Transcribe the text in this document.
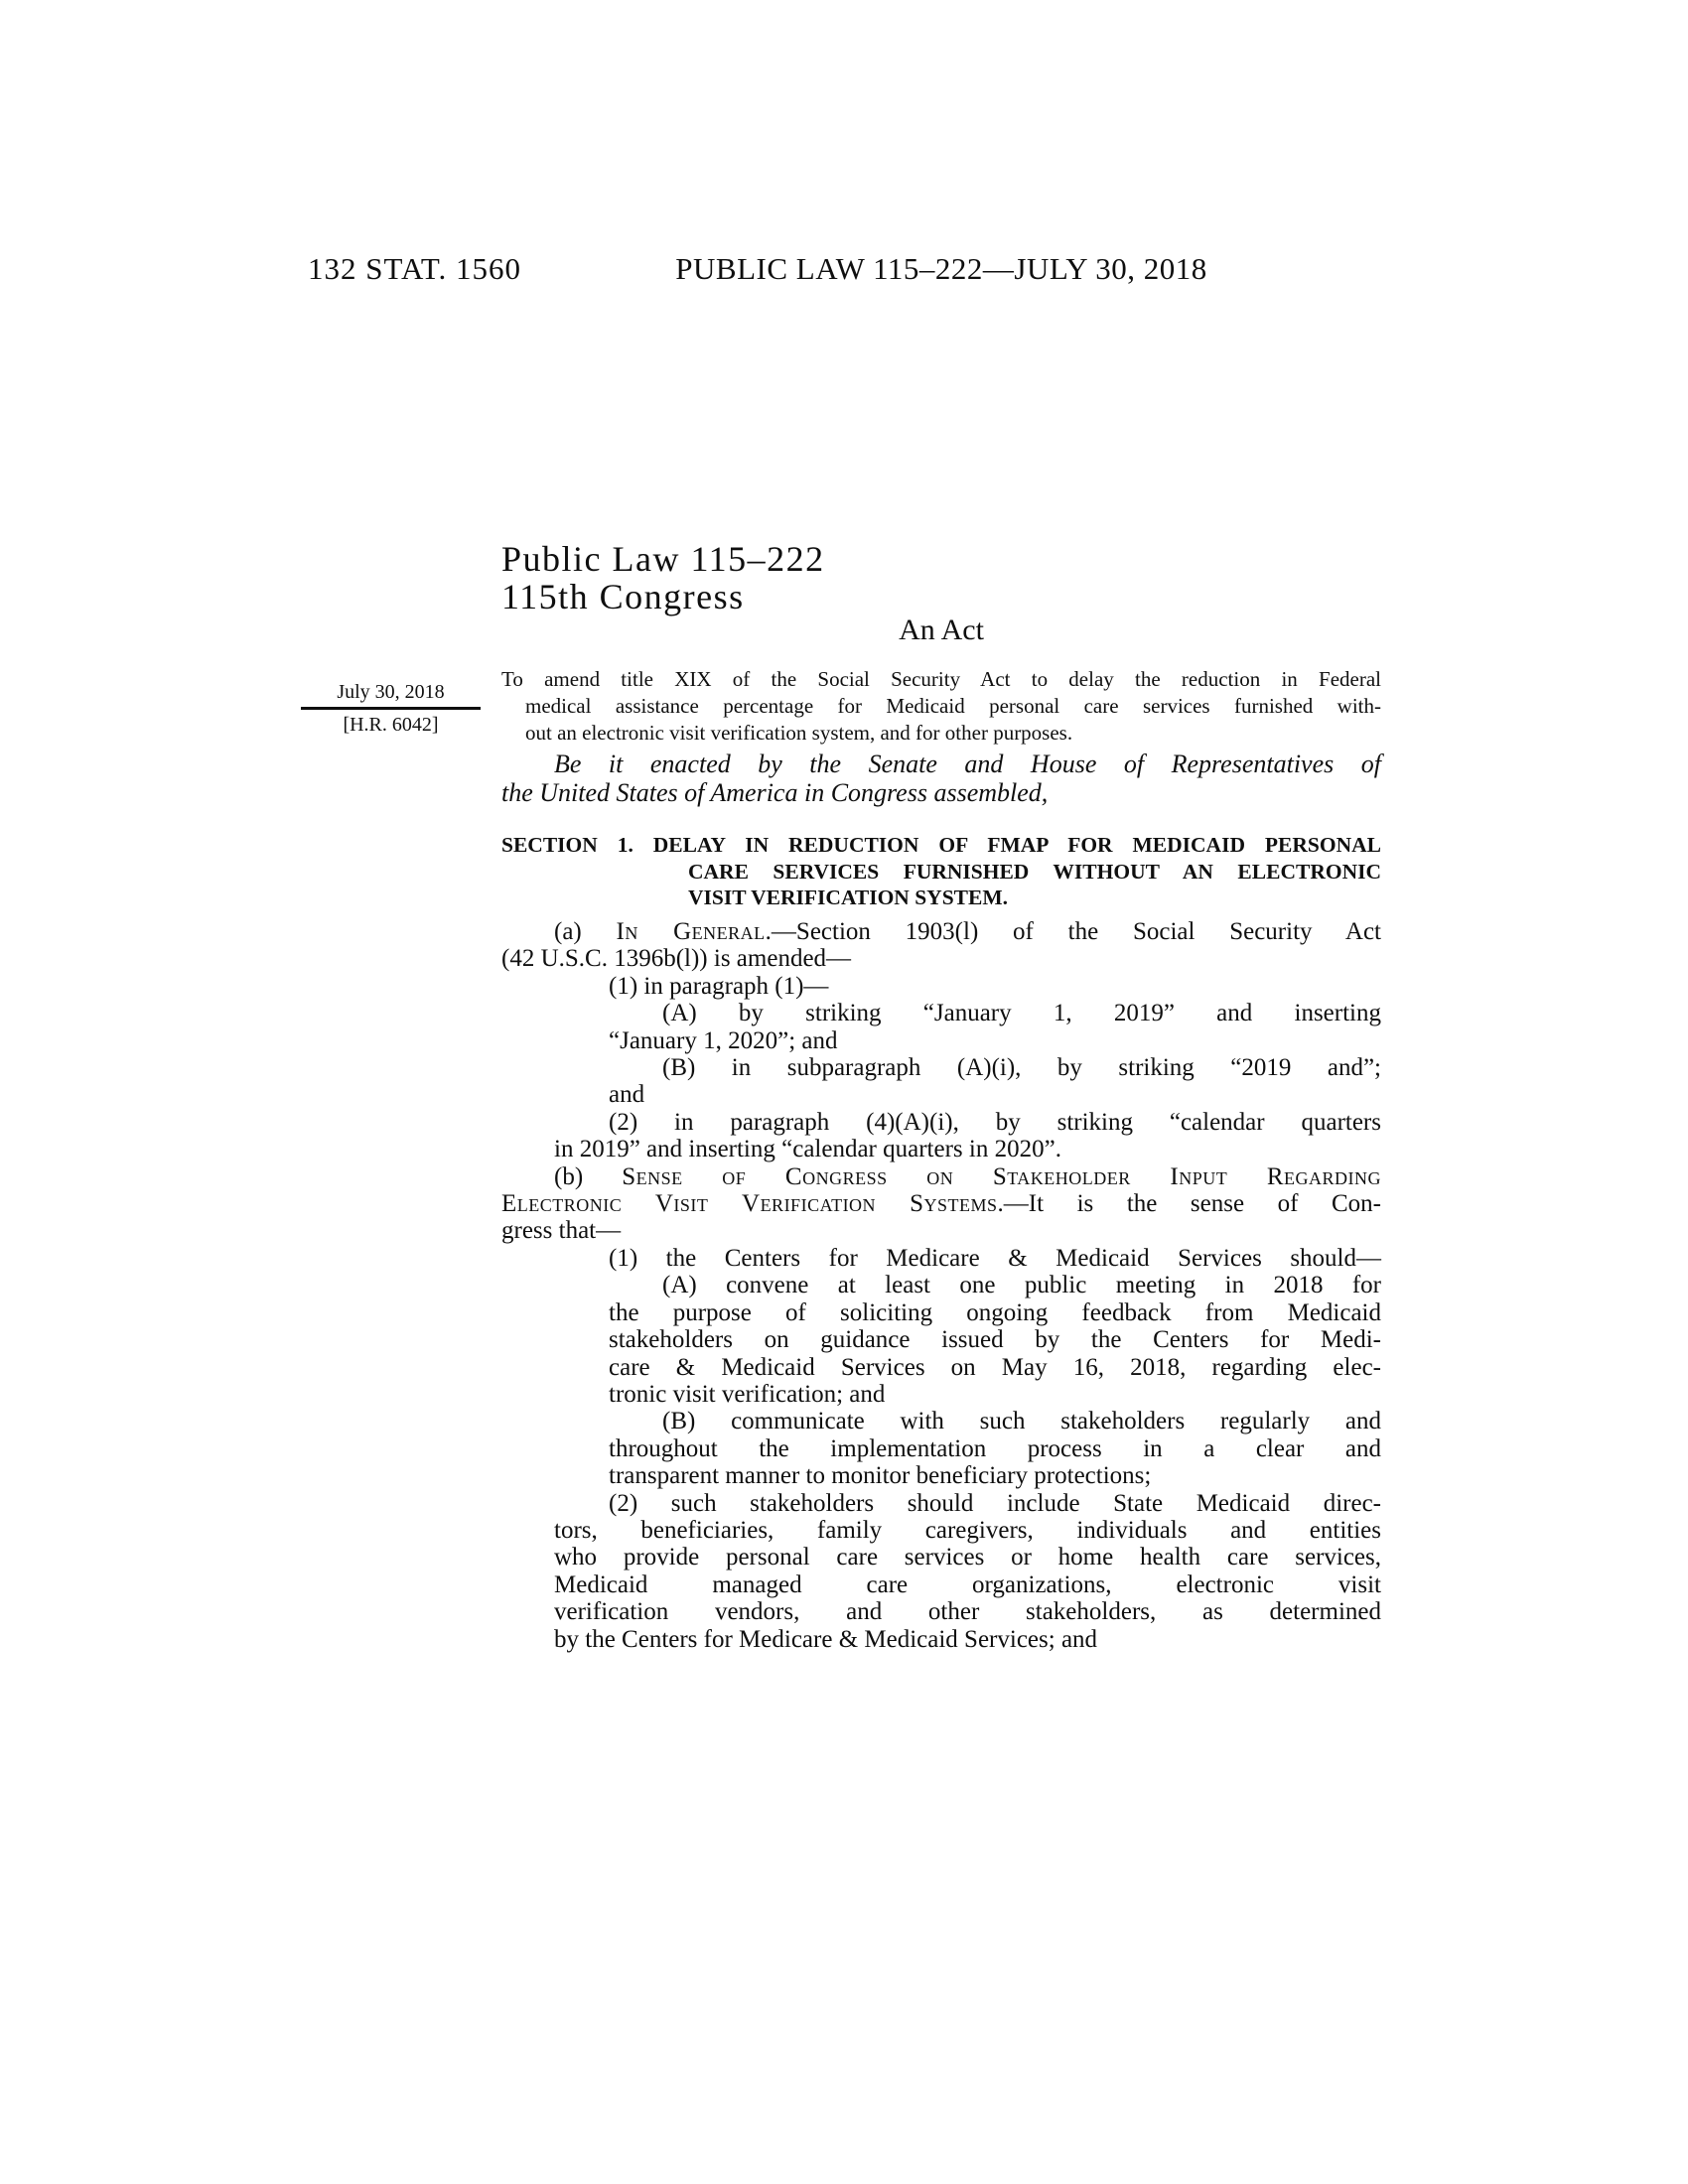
132 STAT. 1560	PUBLIC LAW 115–222—JULY 30, 2018
Public Law 115–222
115th Congress
An Act
July 30, 2018
[H.R. 6042]
To amend title XIX of the Social Security Act to delay the reduction in Federal
medical assistance percentage for Medicaid personal care services furnished with-
out an electronic visit verification system, and for other purposes.
Be it enacted by the Senate and House of Representatives of
the United States of America in Congress assembled,
SECTION 1. DELAY IN REDUCTION OF FMAP FOR MEDICAID PERSONAL
CARE SERVICES FURNISHED WITHOUT AN ELECTRONIC
VISIT VERIFICATION SYSTEM.
(a) In General.—Section 1903(l) of the Social Security Act
(42 U.S.C. 1396b(l)) is amended—
(1) in paragraph (1)—
(A) by striking “January 1, 2019” and inserting
“January 1, 2020”; and
(B) in subparagraph (A)(i), by striking “2019 and”;
and
(2) in paragraph (4)(A)(i), by striking “calendar quarters
in 2019” and inserting “calendar quarters in 2020”.
(b) Sense of Congress on Stakeholder Input Regarding
Electronic Visit Verification Systems.—It is the sense of Con-
gress that—
(1) the Centers for Medicare & Medicaid Services should—
(A) convene at least one public meeting in 2018 for
the purpose of soliciting ongoing feedback from Medicaid
stakeholders on guidance issued by the Centers for Medi-
care & Medicaid Services on May 16, 2018, regarding elec-
tronic visit verification; and
(B) communicate with such stakeholders regularly and
throughout the implementation process in a clear and
transparent manner to monitor beneficiary protections;
(2) such stakeholders should include State Medicaid direc-
tors, beneficiaries, family caregivers, individuals and entities
who provide personal care services or home health care services,
Medicaid managed care organizations, electronic visit
verification vendors, and other stakeholders, as determined
by the Centers for Medicare & Medicaid Services; and
